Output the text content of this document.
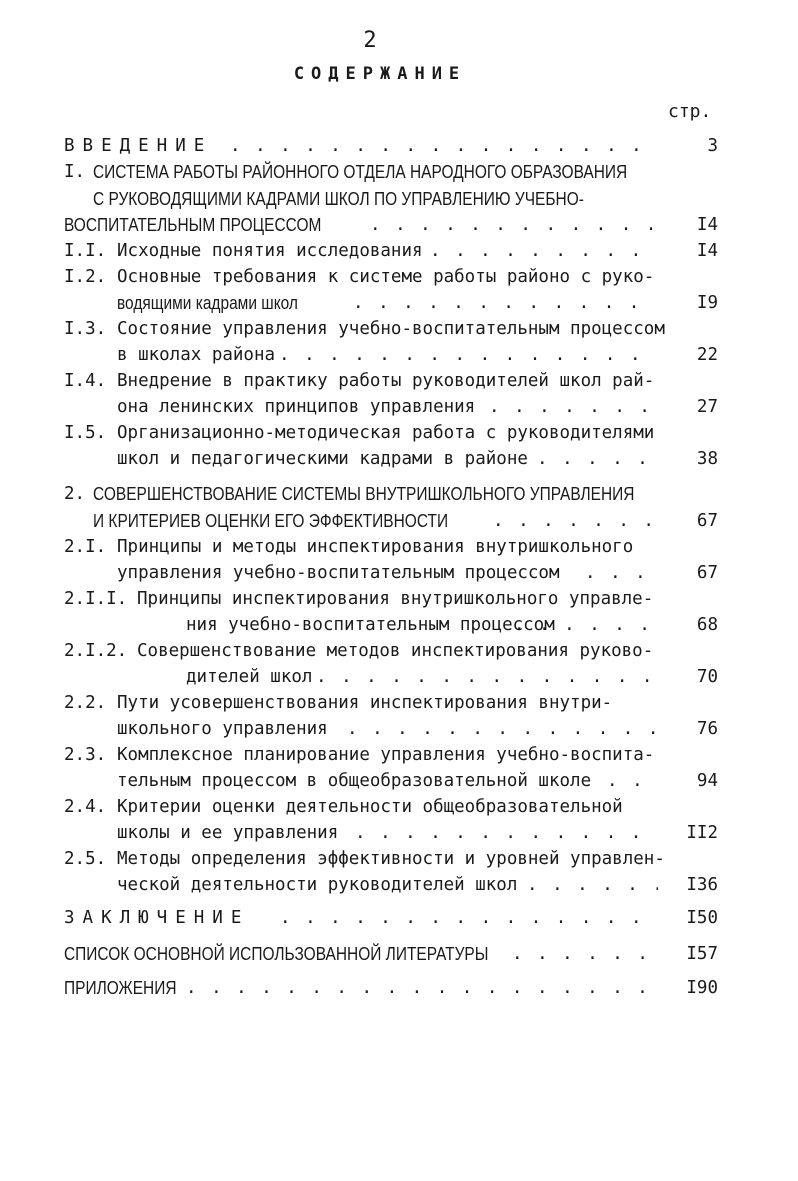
2
СОДЕРЖАНИЕ
стр.
ВВЕДЕНИЕ . . .	3
I. СИСТЕМА РАБОТЫ РАЙОННОГО ОТДЕЛА НАРОДНОГО ОБРАЗОВАНИЯ
С РУКОВОДЯЩИМИ КАДРАМИ ШКОЛ ПО УПРАВЛЕНИЮ УЧЕБНО-
ВОСПИТАТЕЛЬНЫМ ПРОЦЕССОМ . . .	I4
I.I. Исходные понятия исследования . . .	I4
I.2. Основные требования к системе работы районо с руко-
водящими кадрами школ . . .	I9
I.3. Состояние управления учебно-воспитательным процессом
в школах района . . .	22
I.4. Внедрение в практику работы руководителей школ рай-
она ленинских принципов управления . . .	27
I.5. Организационно-методическая работа с руководителями
школ и педагогическими кадрами в районе . . .	38
2. СОВЕРШЕНСТВОВАНИЕ СИСТЕМЫ ВНУТРИШКОЛЬНОГО УПРАВЛЕНИЯ
И КРИТЕРИЕВ ОЦЕНКИ ЕГО ЭФФЕКТИВНОСТИ . . .	67
2.I. Принципы и методы инспектирования внутришкольного
управления учебно-воспитательным процессом . . .	67
2.I.I. Принципы инспектирования внутришкольного управле-
ния учебно-воспитательным процессом . . .	68
2.I.2. Совершенствование методов инспектирования руково-
дителей школ . . .	70
2.2. Пути усовершенствования инспектирования внутри-
школьного управления . . .	76
2.3. Комплексное планирование управления учебно-воспита-
тельным процессом в общеобразовательной школе . . .	94
2.4. Критерии оценки деятельности общеобразовательной
школы и ее управления . . .	II2
2.5. Методы определения эффективности и уровней управлен-
ческой деятельности руководителей школ . . .	I36
ЗАКЛЮЧЕНИЕ . . .	I50
СПИСОК ОСНОВНОЙ ИСПОЛЬЗОВАННОЙ ЛИТЕРАТУРЫ . . .	I57
ПРИЛОЖЕНИЯ . . .	I90
